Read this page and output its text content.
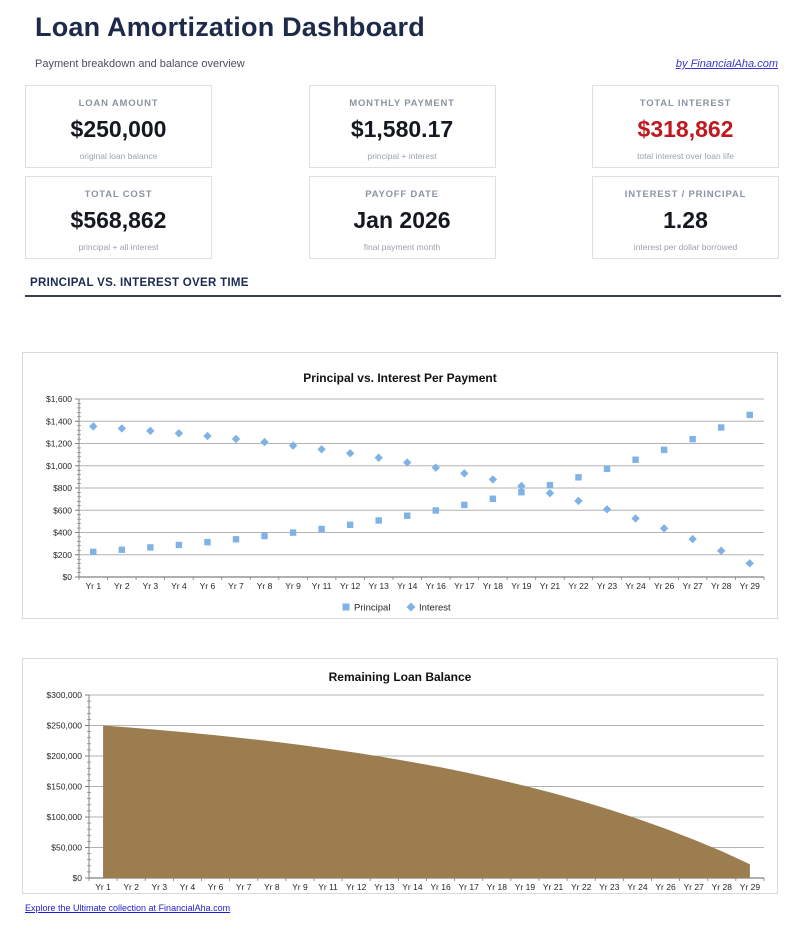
Loan Amortization Dashboard
Payment breakdown and balance overview	by FinancialAha.com
LOAN AMOUNT
$250,000
original loan balance
MONTHLY PAYMENT
$1,580.17
principal + interest
TOTAL INTEREST
$318,862
total interest over loan life
TOTAL COST
$568,862
principal + all interest
PAYOFF DATE
Jan 2026
final payment month
INTEREST / PRINCIPAL
1.28
interest per dollar borrowed
PRINCIPAL VS. INTEREST OVER TIME
Principal vs. Interest Per Payment
$0
$200
$400
$600
$800
$1,000
$1,200
$1,400
$1,600
Yr 1 Yr 2 Yr 3 Yr 4 Yr 6 Yr 7 Yr 8 Yr 9 Yr 11 Yr 12 Yr 13 Yr 14 Yr 16 Yr 17 Yr 18 Yr 19 Yr 21 Yr 22 Yr 23 Yr 24 Yr 26 Yr 27 Yr 28 Yr 29
Principal	Interest
Remaining Loan Balance
$0
$50,000
$100,000
$150,000
$200,000
$250,000
$300,000
Yr 1 Yr 2 Yr 3 Yr 4 Yr 6 Yr 7 Yr 8 Yr 9 Yr 11 Yr 12 Yr 13 Yr 14 Yr 16 Yr 17 Yr 18 Yr 19 Yr 21 Yr 22 Yr 23 Yr 24 Yr 26 Yr 27 Yr 28 Yr 29
Explore the Ultimate collection at FinancialAha.com
